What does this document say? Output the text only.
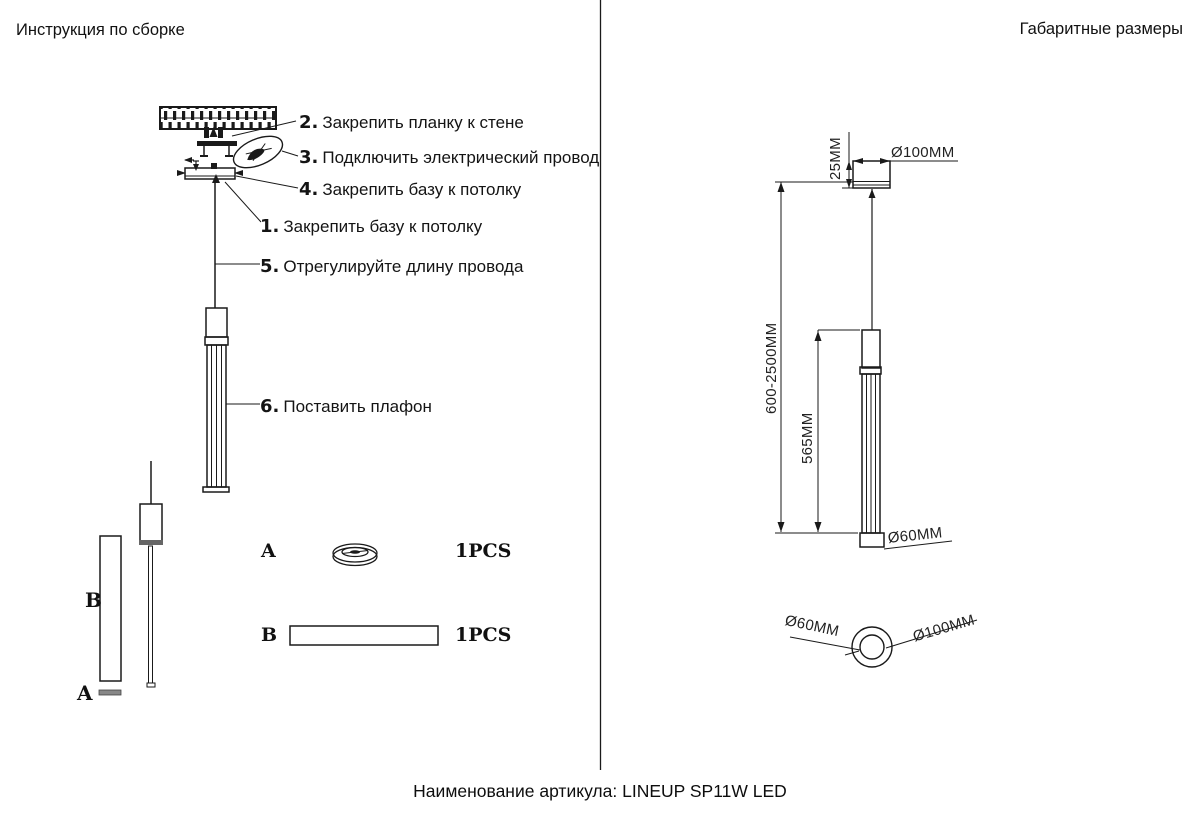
Инструкция по сборке	Габаритные размеры
2. Закрепить планку к стене
3. Подключить электрический провод
4. Закрепить базу к потолку
1. Закрепить базу к потолку
5. Отрегулируйте длину провода
6. Поставить плафон
A	1PCS
B	1PCS
B
A
25MM	Ø100MM
600-2500MM
565MM
Ø60MM
Ø60MM	Ø100MM
Наименование артикула: LINEUP SP11W LED
